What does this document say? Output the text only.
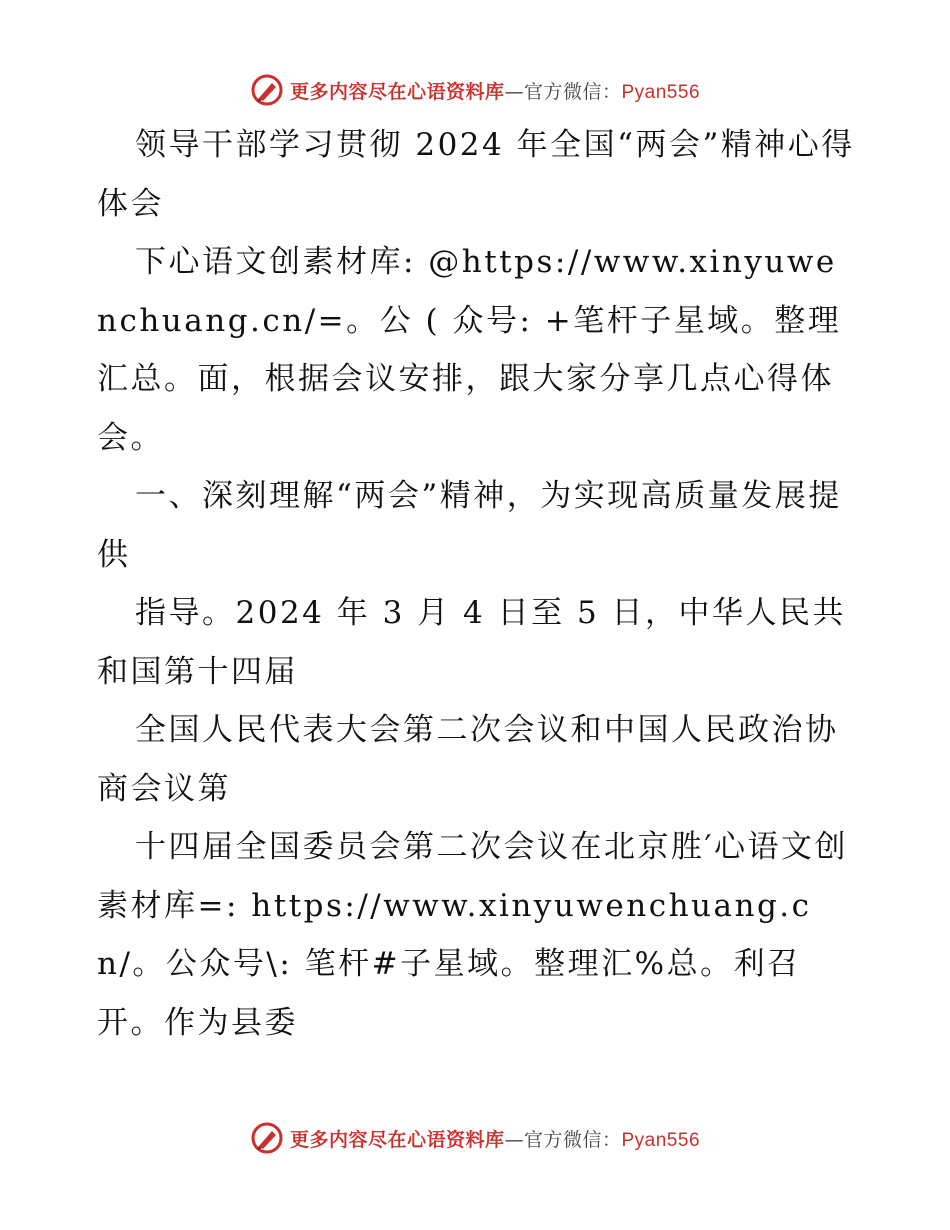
更多内容尽在心语资料库—官方微信：Pyan556

领导干部学习贯彻 2024 年全国“两会”精神心得体会

下心语文创素材库: @https://www.xinyuwenchuang.cn/=。公 ( 众号: +笔杆子星域。整理汇总。面，根据会议安排，跟大家分享几点心得体会。

一、深刻理解“两会”精神，为实现高质量发展提供

指导。2024 年 3 月 4 日至 5 日，中华人民共和国第十四届

全国人民代表大会第二次会议和中国人民政治协商会议第

十四届全国委员会第二次会议在北京胜′心语文创素材库=: https://www.xinyuwenchuang.cn/。公众号\: 笔杆#子星域。整理汇%总。利召开。作为县委

更多内容尽在心语资料库—官方微信：Pyan556
